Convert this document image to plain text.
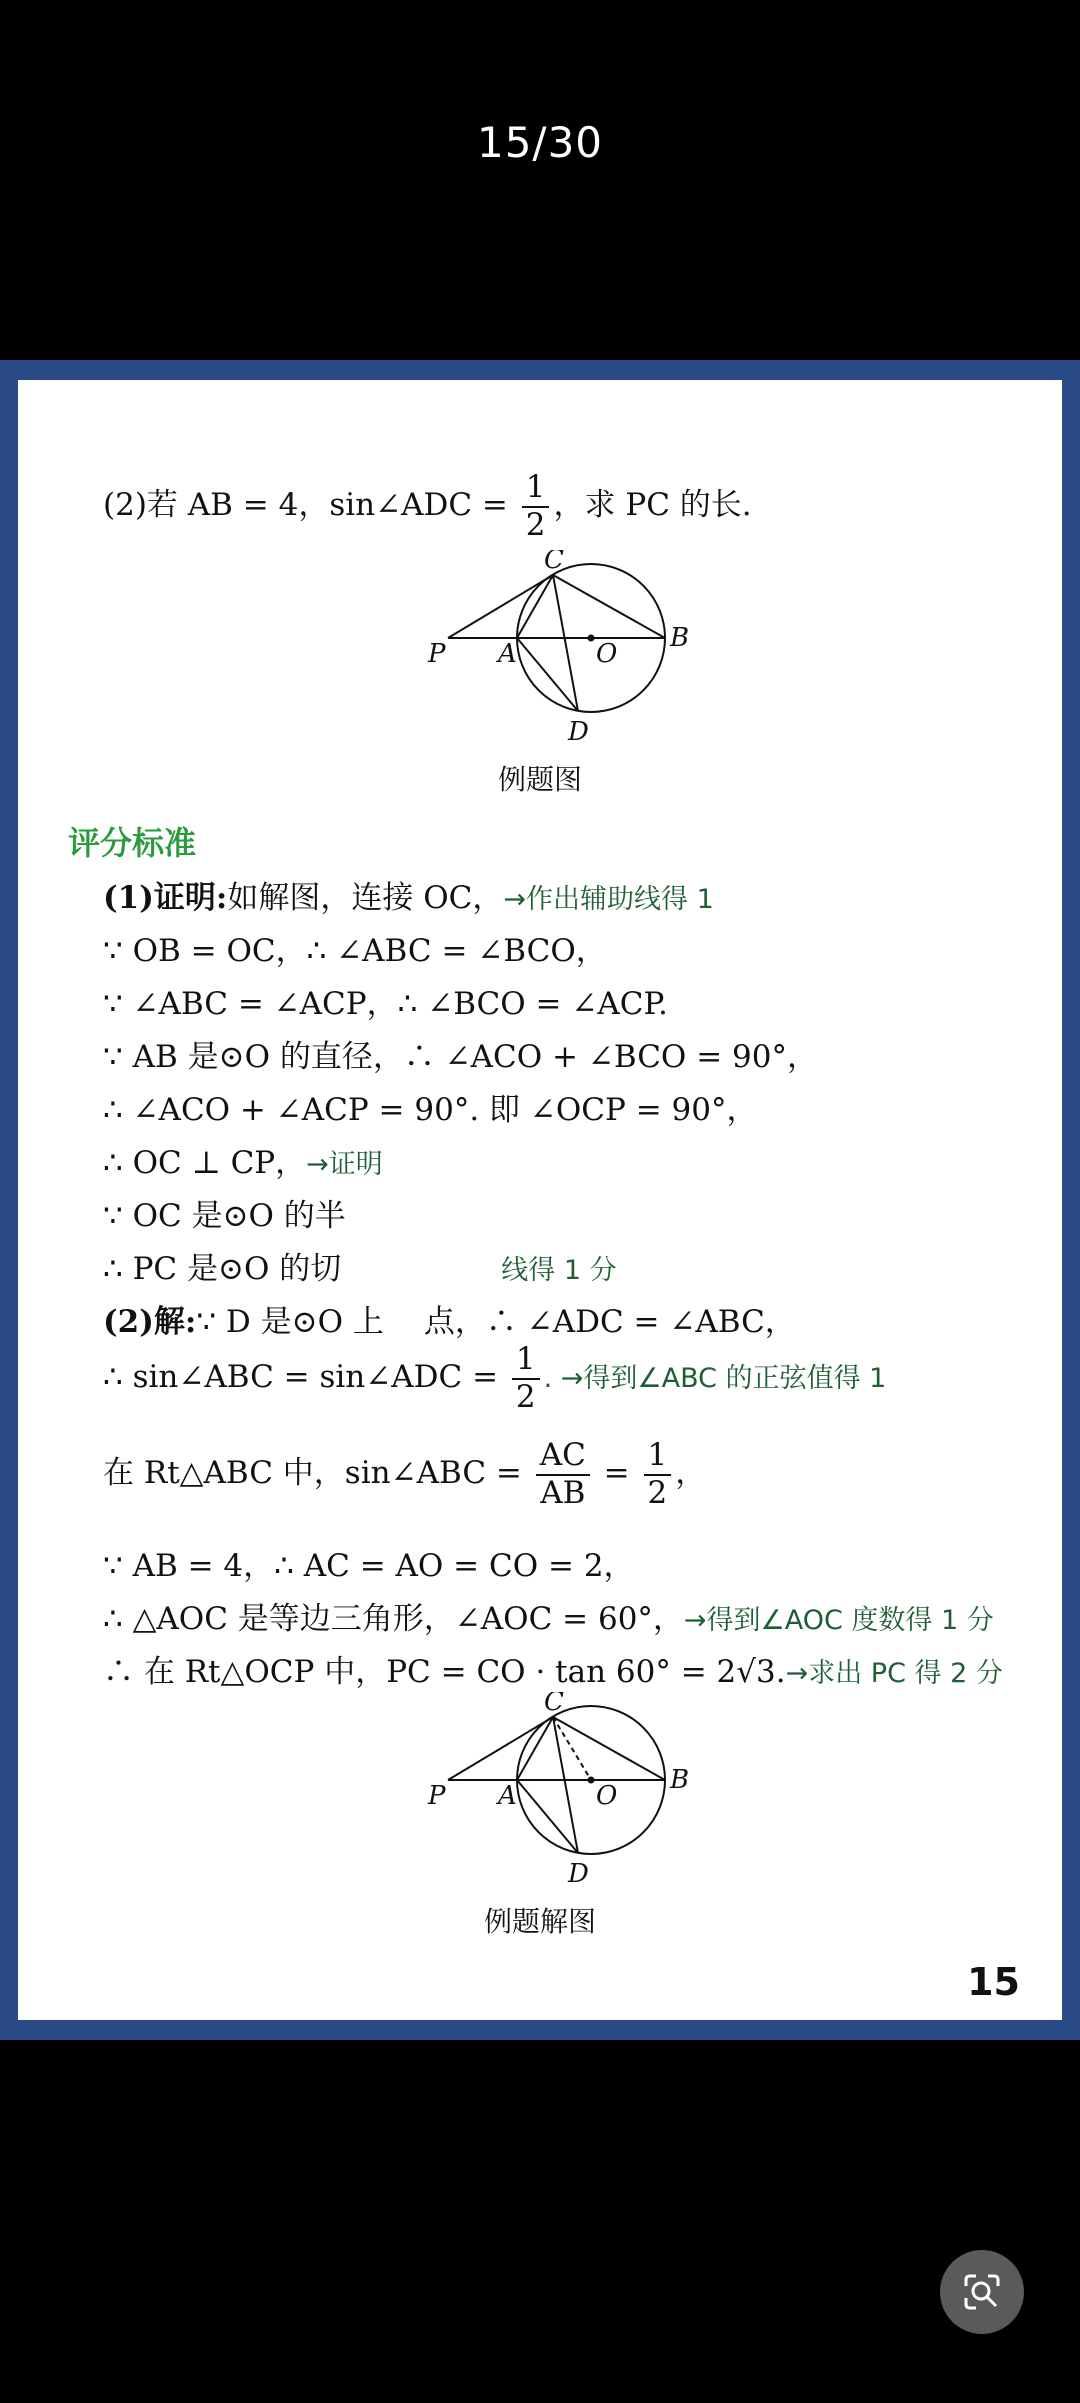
15/30
(2)若 AB = 4，sin∠ADC = $\frac{1}{2}$ ，求 PC 的长.
C
B
P A	O
D
例题图
评分标准
(1)证明:如解图，连接 OC，→作出辅助线得 1
∵ OB = OC，∴ ∠ABC = ∠BCO，
∵ ∠ABC = ∠ACP，∴ ∠BCO = ∠ACP.
∵ AB 是⊙O 的直径，∴ ∠ACO + ∠BCO = 90°，
∴ ∠ACO + ∠ACP = 90°. 即 ∠OCP = 90°，
∴ OC ⊥ CP，→证明
∵ OC 是⊙O 的半
∴ PC 是⊙O 的切	线得 1 分
(2)解:∵ D 是⊙O 上 点，∴ ∠ADC = ∠ABC，
∴ sin∠ABC = sin∠ADC = $\frac{1}{2}$ . →得到∠ABC 的正弦值得 1
在 Rt△ABC 中，sin∠ABC = $\frac{AC}{AB} = \frac{1}{2}$ ，
∵ AB = 4，∴ AC = AO = CO = 2，
∴ △AOC 是等边三角形，∠AOC = 60°，→得到∠AOC 度数得 1 分
∴ 在 Rt△OCP 中，PC = CO · tan 60° = 2√3.→求出 PC 得 2 分
C
B
P A	O
D
例题解图
15
